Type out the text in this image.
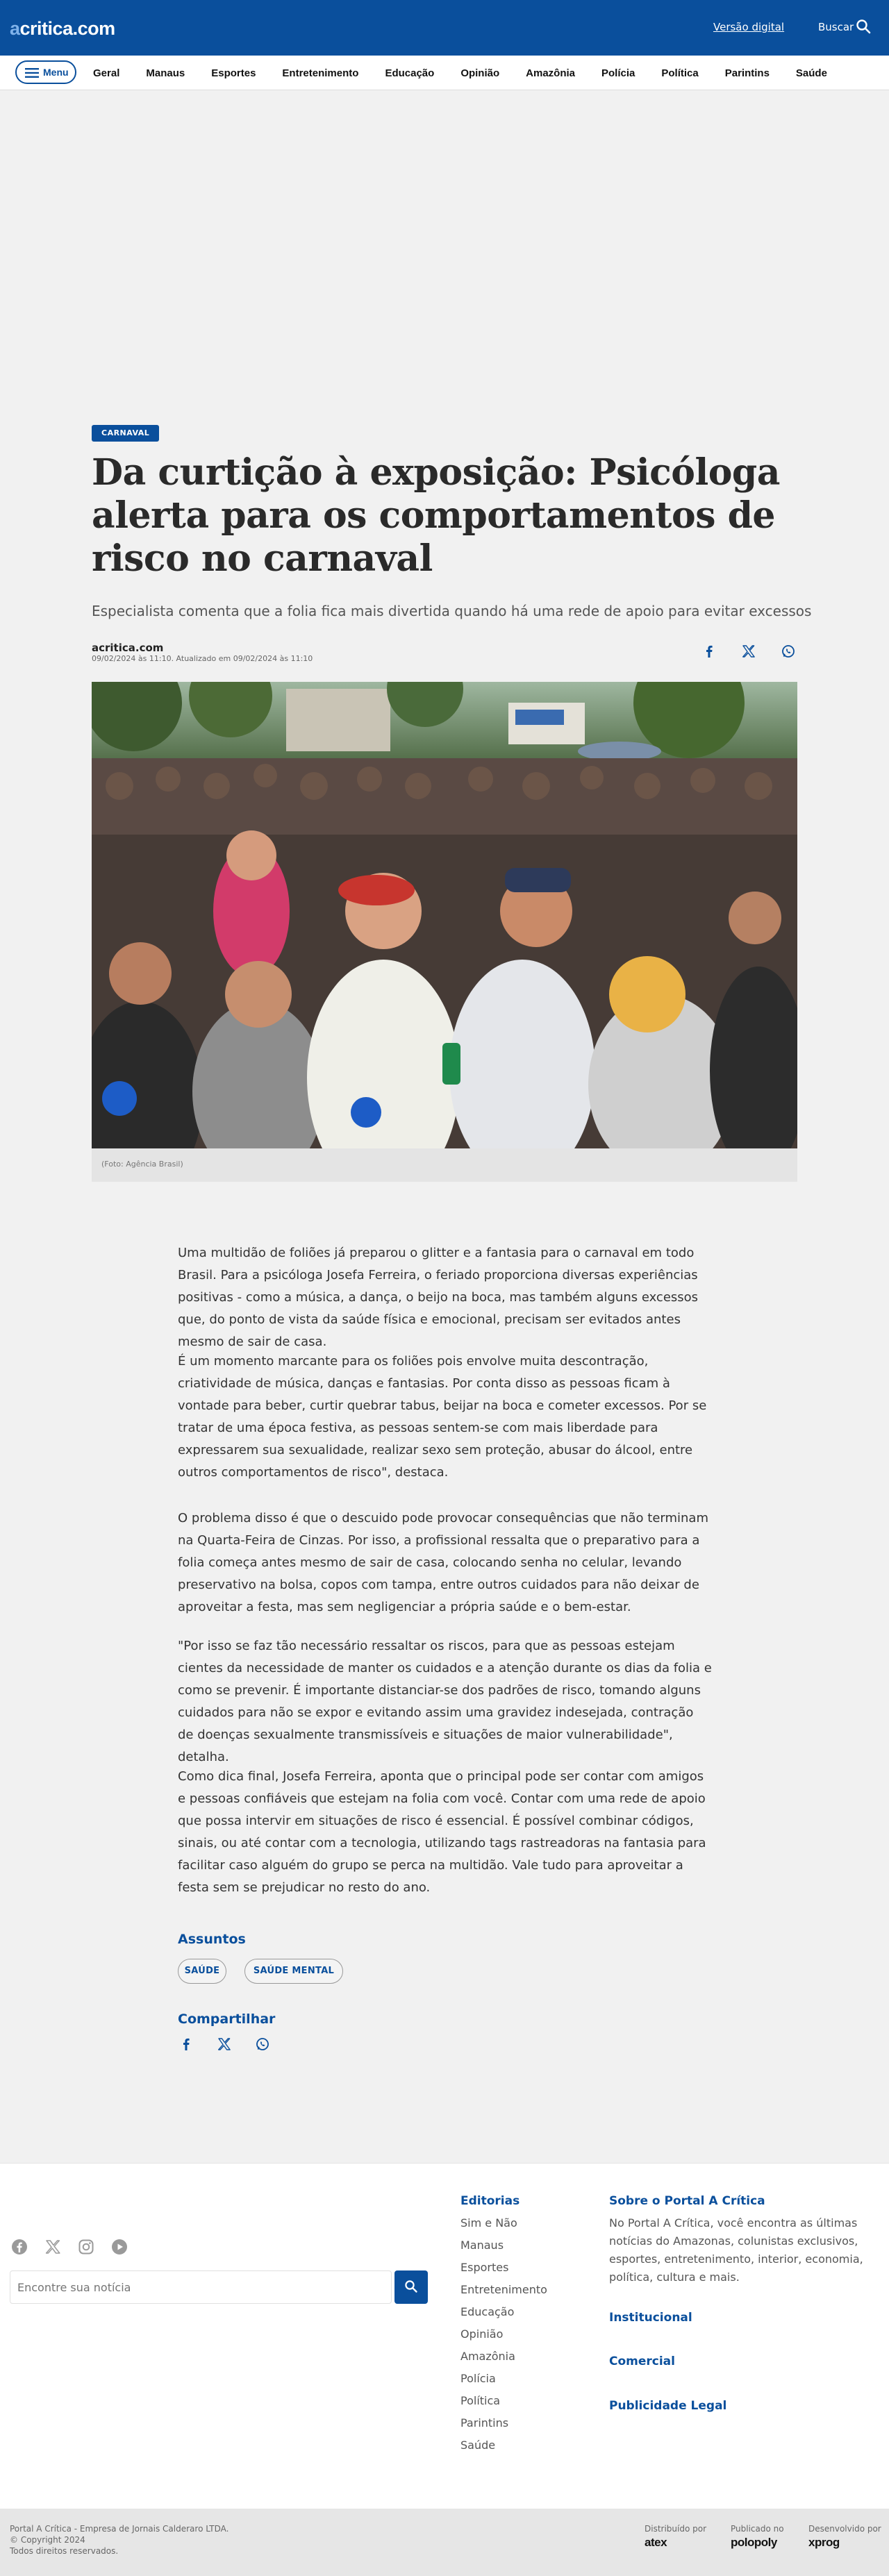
acritica.com	Versão digital	Buscar
Menu Geral	Manaus	Esportes	Entretenimento	Educação	Opinião	Amazônia	Polícia	Política	Parintins	Saúde
CARNAVAL
Da curtição à exposição: Psicóloga alerta para os comportamentos de risco no carnaval

Especialista comenta que a folia fica mais divertida quando há uma rede de apoio para evitar excessos

acritica.com
09/02/2024 às 11:10. Atualizado em 09/02/2024 às 11:10
(Foto: Agência Brasil)

Uma multidão de foliões já preparou o glitter e a fantasia para o carnaval em todo Brasil. Para a psicóloga Josefa Ferreira, o feriado proporciona diversas experiências positivas - como a música, a dança, o beijo na boca, mas também alguns excessos que, do ponto de vista da saúde física e emocional, precisam ser evitados antes mesmo de sair de casa.

É um momento marcante para os foliões pois envolve muita descontração, criatividade de música, danças e fantasias. Por conta disso as pessoas ficam à vontade para beber, curtir quebrar tabus, beijar na boca e cometer excessos. Por se tratar de uma época festiva, as pessoas sentem-se com mais liberdade para expressarem sua sexualidade, realizar sexo sem proteção, abusar do álcool, entre outros comportamentos de risco", destaca.

O problema disso é que o descuido pode provocar consequências que não terminam na Quarta-Feira de Cinzas. Por isso, a profissional ressalta que o preparativo para a folia começa antes mesmo de sair de casa, colocando senha no celular, levando preservativo na bolsa, copos com tampa, entre outros cuidados para não deixar de aproveitar a festa, mas sem negligenciar a própria saúde e o bem-estar.

"Por isso se faz tão necessário ressaltar os riscos, para que as pessoas estejam cientes da necessidade de manter os cuidados e a atenção durante os dias da folia e como se prevenir. É importante distanciar-se dos padrões de risco, tomando alguns cuidados para não se expor e evitando assim uma gravidez indesejada, contração de doenças sexualmente transmissíveis e situações de maior vulnerabilidade", detalha.

Como dica final, Josefa Ferreira, aponta que o principal pode ser contar com amigos e pessoas confiáveis que estejam na folia com você. Contar com uma rede de apoio que possa intervir em situações de risco é essencial. É possível combinar códigos, sinais, ou até contar com a tecnologia, utilizando tags rastreadoras na fantasia para facilitar caso alguém do grupo se perca na multidão. Vale tudo para aproveitar a festa sem se prejudicar no resto do ano.

Assuntos
SAÚDE	SAÚDE MENTAL
Compartilhar
Encontre sua notícia
Editorias
Sim e Não
Manaus
Esportes
Entretenimento
Educação
Opinião
Amazônia
Polícia
Política
Parintins
Saúde
Sobre o Portal A Crítica

No Portal A Crítica, você encontra as últimas notícias do Amazonas, colunistas exclusivos, esportes, entretenimento, interior, economia, política, cultura e mais.

Institucional
Comercial
Publicidade Legal
Portal A Crítica - Empresa de Jornais Calderaro LTDA.
© Copyright 2024
Todos direitos reservados.
Distribuído por
atex
Publicado no
polopoly
Desenvolvido por
xprog
